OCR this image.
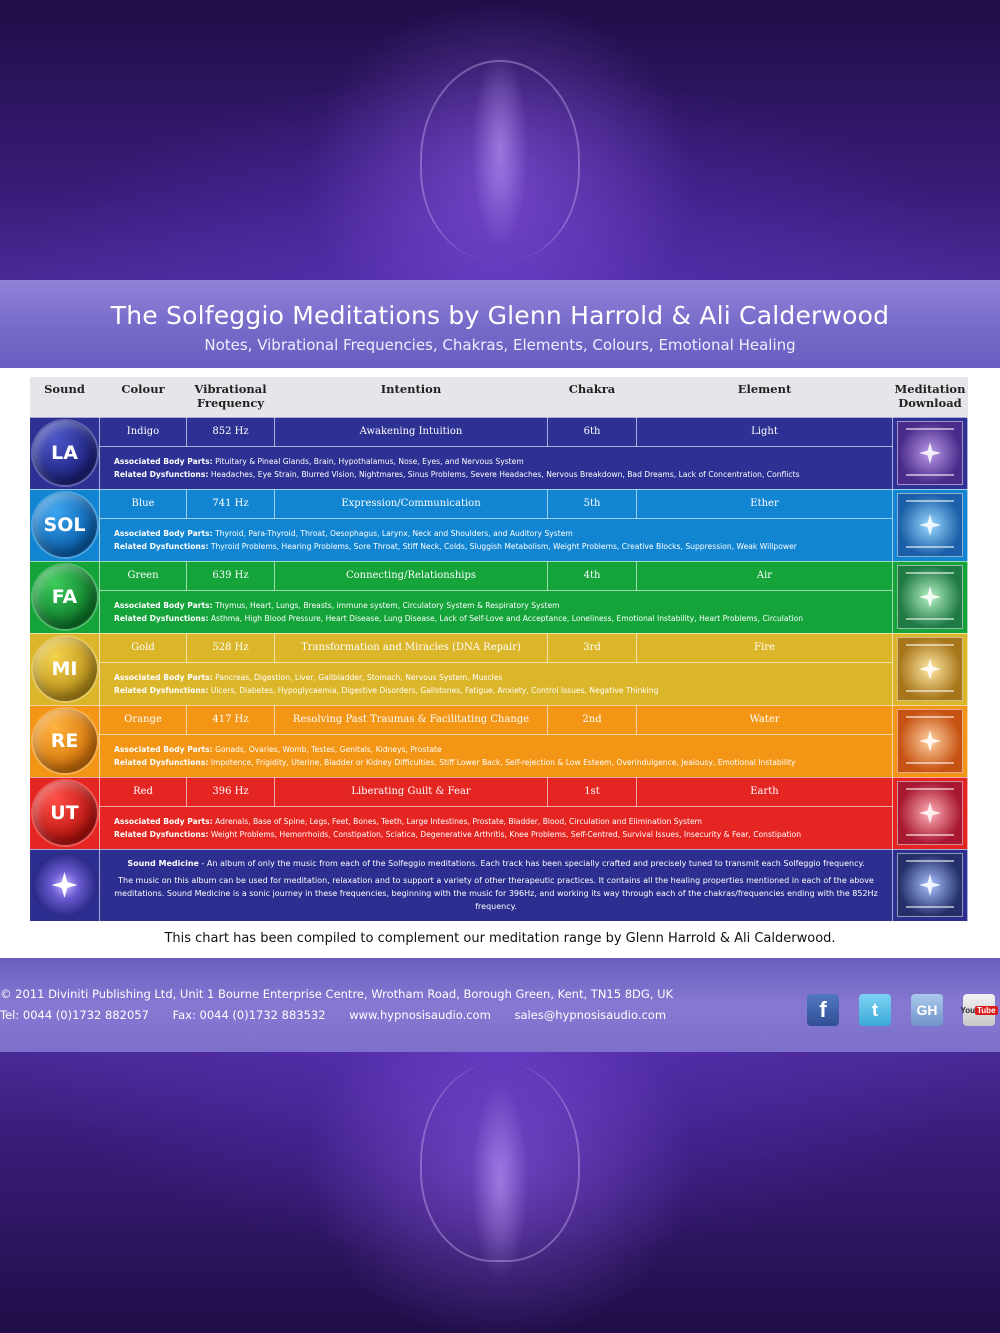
The Solfeggio Meditations by Glenn Harrold & Ali Calderwood
Notes, Vibrational Frequencies, Chakras, Elements, Colours, Emotional Healing
Sound	Colour	Vibrational Frequency	Intention	Chakra	Element	Meditation Download

LA	Indigo	852 Hz	Awakening Intuition	6th	Light	

	Associated Body Parts: Pituitary & Pineal Glands, Brain, Hypothalamus, Nose, Eyes, and Nervous System
Related Dysfunctions: Headaches, Eye Strain, Blurred Vision, Nightmares, Sinus Problems, Severe Headaches, Nervous Breakdown, Bad Dreams, Lack of Concentration, Conflicts					

SOL	Blue	741 Hz	Expression/Communication	5th	Ether	

	Associated Body Parts: Thyroid, Para-Thyroid, Throat, Oesophagus, Larynx, Neck and Shoulders, and Auditory System
Related Dysfunctions: Thyroid Problems, Hearing Problems, Sore Throat, Stiff Neck, Colds, Sluggish Metabolism, Weight Problems, Creative Blocks, Suppression, Weak Willpower					

FA	Green	639 Hz	Connecting/Relationships	4th	Air	

	Associated Body Parts: Thymus, Heart, Lungs, Breasts, immune system, Circulatory System & Respiratory System
Related Dysfunctions: Asthma, High Blood Pressure, Heart Disease, Lung Disease, Lack of Self-Love and Acceptance, Loneliness, Emotional Instability, Heart Problems, Circulation					

MI	Gold	528 Hz	Transformation and Miracles (DNA Repair)	3rd	Fire	

	Associated Body Parts: Pancreas, Digestion, Liver, Gallbladder, Stomach, Nervous System, Muscles
Related Dysfunctions: Ulcers, Diabetes, Hypoglycaemia, Digestive Disorders, Gallstones, Fatigue, Anxiety, Control Issues, Negative Thinking					

RE	Orange	417 Hz	Resolving Past Traumas & Facilitating Change	2nd	Water	

	Associated Body Parts: Gonads, Ovaries, Womb, Testes, Genitals, Kidneys, Prostate
Related Dysfunctions: Impotence, Frigidity, Uterine, Bladder or Kidney Difficulties, Stiff Lower Back, Self-rejection & Low Esteem, Overindulgence, Jealousy, Emotional Instability					

UT	Red	396 Hz	Liberating Guilt & Fear	1st	Earth	

	Associated Body Parts: Adrenals, Base of Spine, Legs, Feet, Bones, Teeth, Large Intestines, Prostate, Bladder, Blood, Circulation and Elimination System
Related Dysfunctions: Weight Problems, Hemorrhoids, Constipation, Sciatica, Degenerative Arthritis, Knee Problems, Self-Centred, Survival Issues, Insecurity & Fear, Constipation					

	Sound Medicine - An album of only the music from each of the Solfeggio meditations. Each track has been specially crafted and precisely tuned to transmit each Solfeggio frequency.
The music on this album can be used for meditation, relaxation and to support a variety of other therapeutic practices. It contains all the healing properties mentioned in each of the above meditations. Sound Medicine is a sonic journey in these frequencies, beginning with the music for 396Hz, and working its way through each of the chakras/frequencies ending with the 852Hz frequency.					

This chart has been compiled to complement our meditation range by Glenn Harrold & Ali Calderwood.
© 2011 Diviniti Publishing Ltd, Unit 1 Bourne Enterprise Centre, Wrotham Road, Borough Green, Kent, TN15 8DG, UK
Tel: 0044 (0)1732 882057 Fax: 0044 (0)1732 883532 www.hypnosisaudio.com sales@hypnosisaudio.com	f	t	GH	You Tube
